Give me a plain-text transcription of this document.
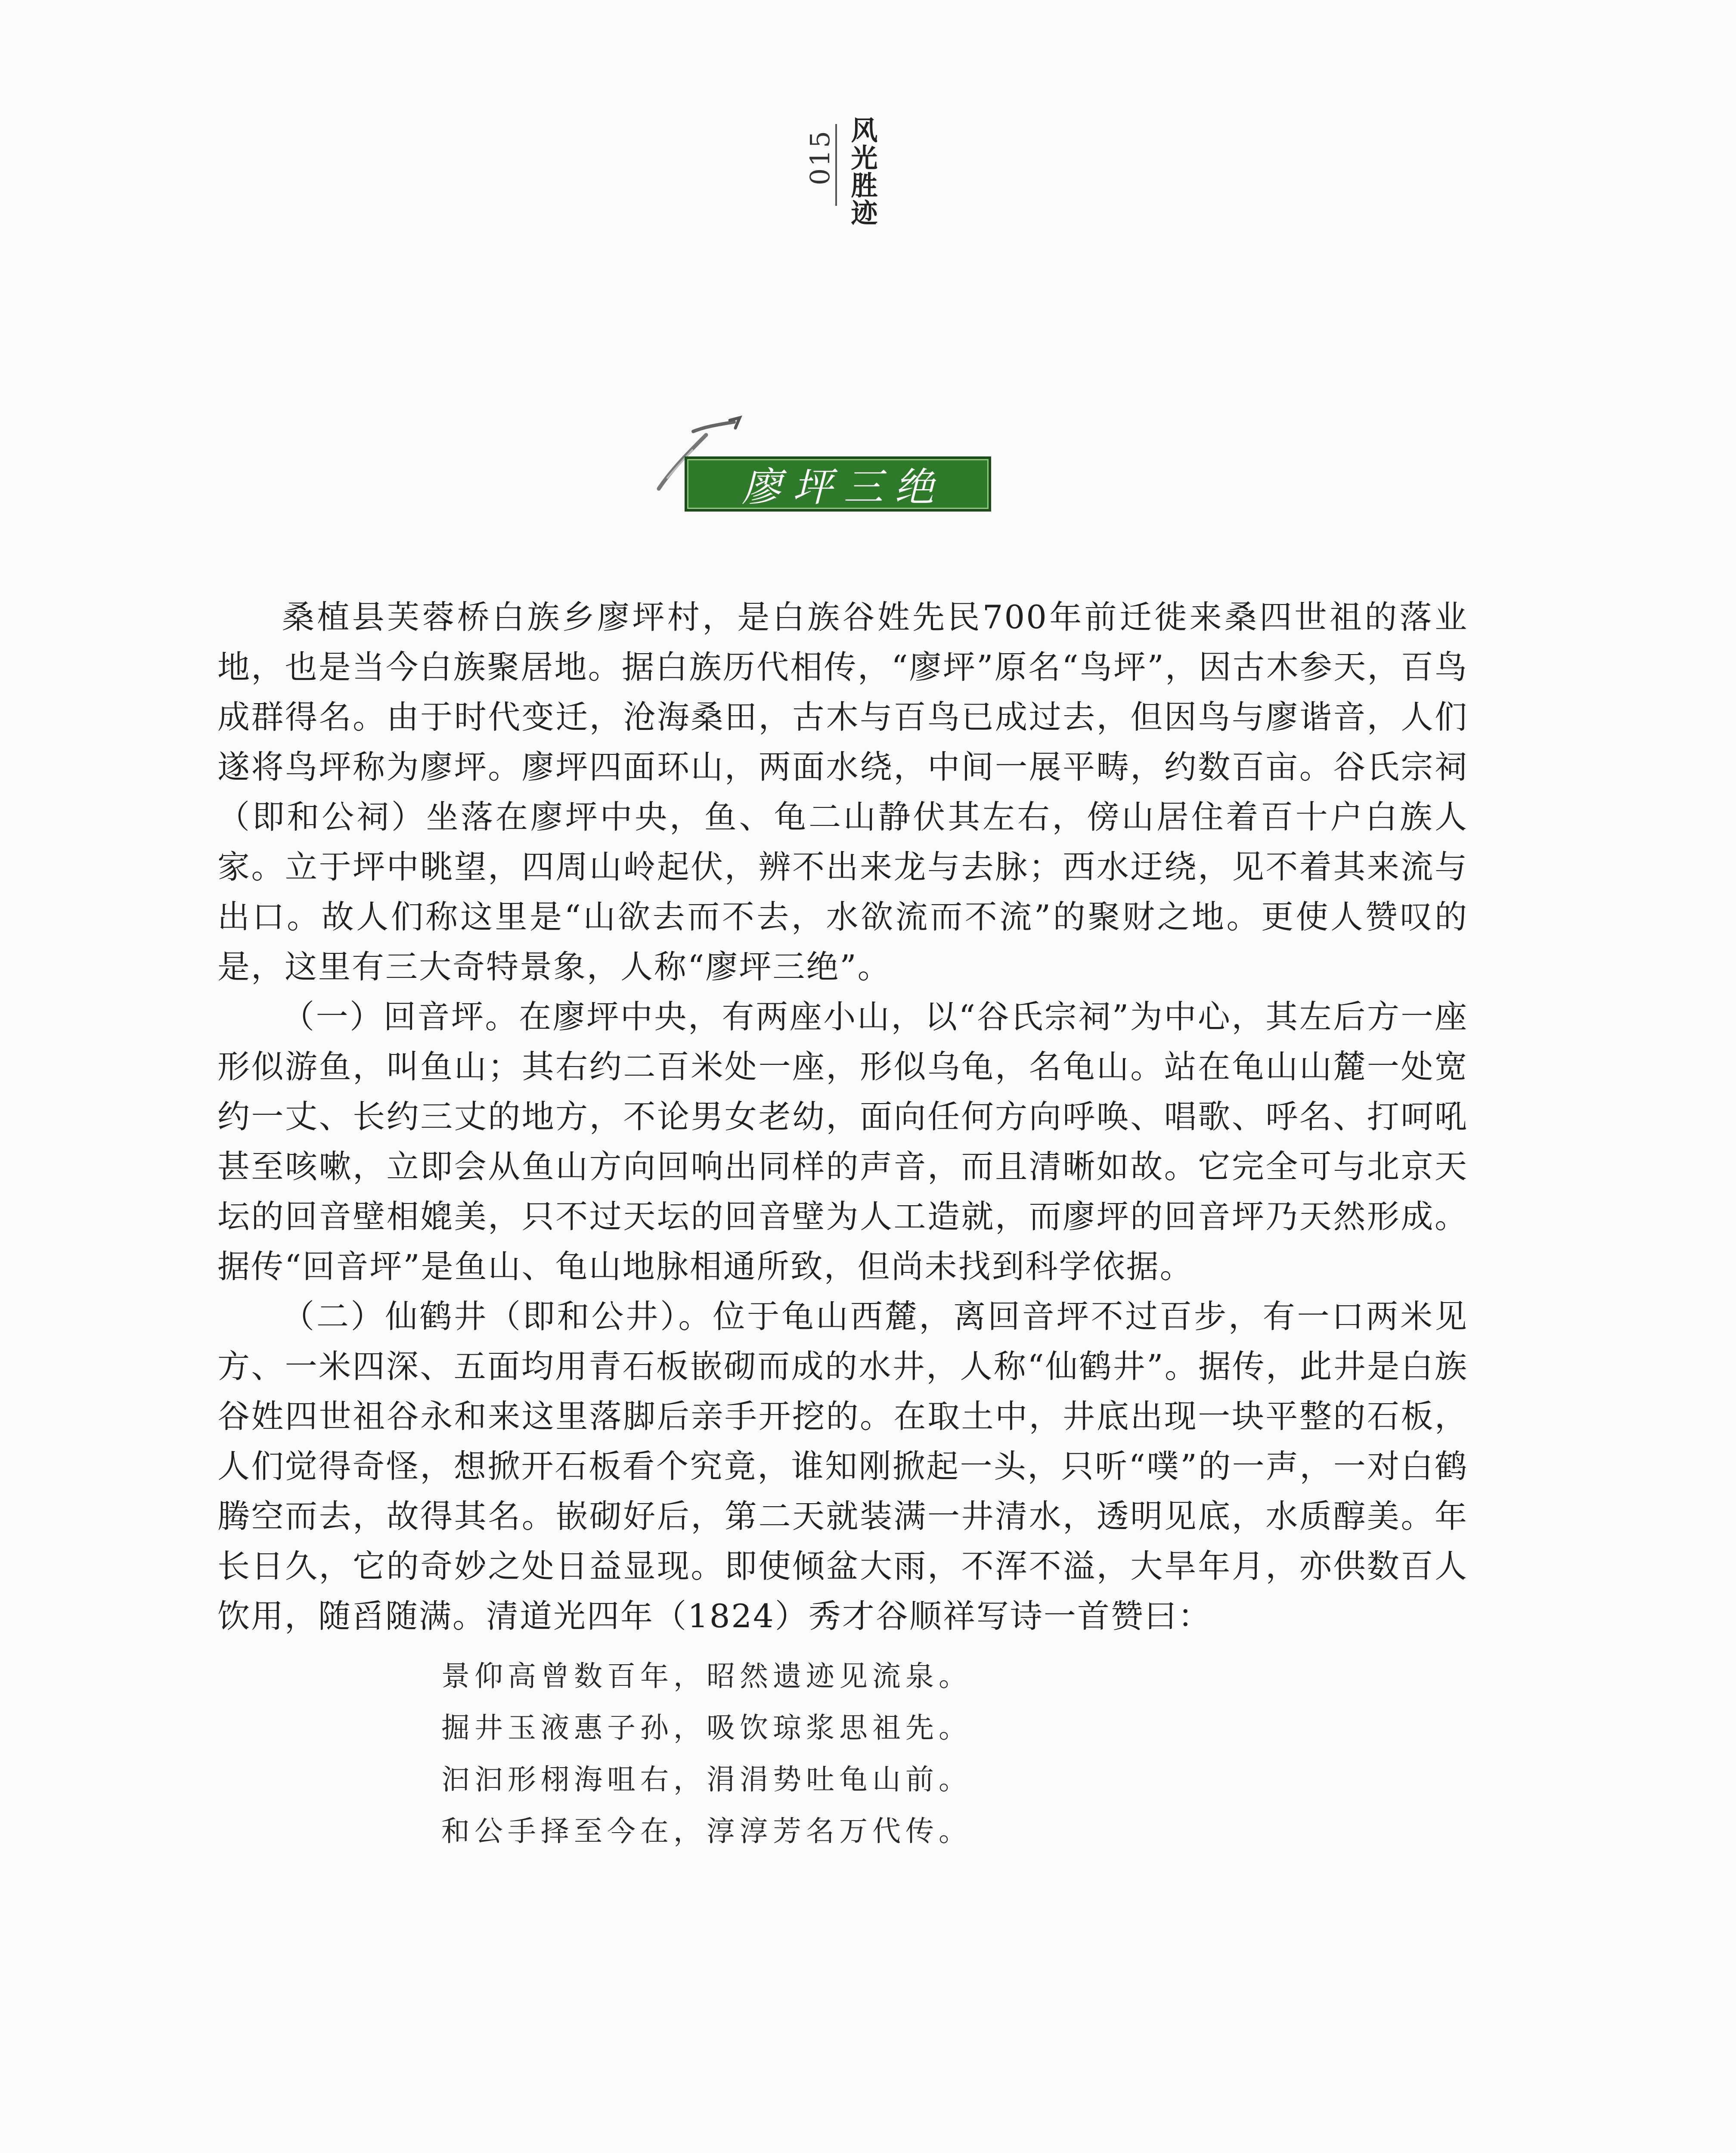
风光胜迹
015
廖坪三绝

桑植县芙蓉桥白族乡廖坪村，是白族谷姓先民700年前迁徙来桑四世祖的落业地，也是当今白族聚居地。据白族历代相传，“廖坪”原名“鸟坪”，因古木参天，百鸟成群得名。由于时代变迁，沧海桑田，古木与百鸟已成过去，但因鸟与廖谐音，人们遂将鸟坪称为廖坪。廖坪四面环山，两面水绕，中间一展平畴，约数百亩。谷氏宗祠（即和公祠）坐落在廖坪中央，鱼、龟二山静伏其左右，傍山居住着百十户白族人家。立于坪中眺望，四周山岭起伏，辨不出来龙与去脉；西水迂绕，见不着其来流与出口。故人们称这里是“山欲去而不去，水欲流而不流”的聚财之地。更使人赞叹的是，这里有三大奇特景象，人称“廖坪三绝”。

（一）回音坪。在廖坪中央，有两座小山，以“谷氏宗祠”为中心，其左后方一座形似游鱼，叫鱼山；其右约二百米处一座，形似乌龟，名龟山。站在龟山山麓一处宽约一丈、长约三丈的地方，不论男女老幼，面向任何方向呼唤、唱歌、呼名、打呵吼甚至咳嗽，立即会从鱼山方向回响出同样的声音，而且清晰如故。它完全可与北京天坛的回音壁相媲美，只不过天坛的回音壁为人工造就，而廖坪的回音坪乃天然形成。据传“回音坪”是鱼山、龟山地脉相通所致，但尚未找到科学依据。

（二）仙鹤井（即和公井）。位于龟山西麓，离回音坪不过百步，有一口两米见方、一米四深、五面均用青石板嵌砌而成的水井，人称“仙鹤井”。据传，此井是白族谷姓四世祖谷永和来这里落脚后亲手开挖的。在取土中，井底出现一块平整的石板，人们觉得奇怪，想掀开石板看个究竟，谁知刚掀起一头，只听“噗”的一声，一对白鹤腾空而去，故得其名。嵌砌好后，第二天就装满一井清水，透明见底，水质醇美。年长日久，它的奇妙之处日益显现。即使倾盆大雨，不浑不溢，大旱年月，亦供数百人饮用，随舀随满。清道光四年（1824）秀才谷顺祥写诗一首赞曰：

景仰高曾数百年，昭然遗迹见流泉。
掘井玉液惠子孙，吸饮琼浆思祖先。
汩汩形栩海咀右，涓涓势吐龟山前。
和公手择至今在，淳淳芳名万代传。
